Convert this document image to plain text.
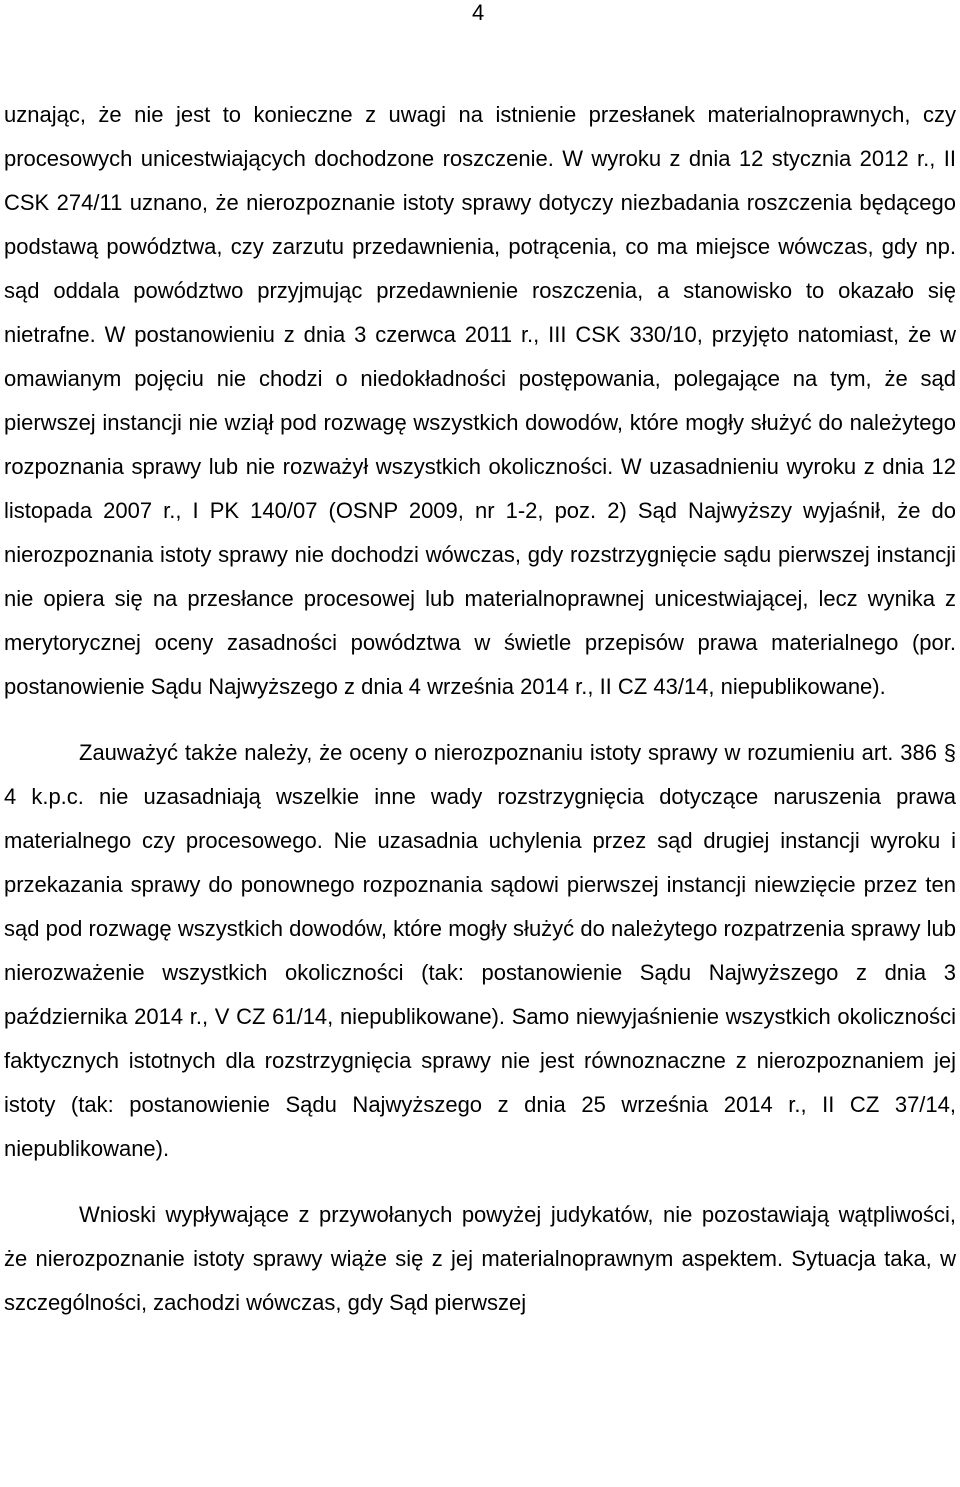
4

uznając, że nie jest to konieczne z uwagi na istnienie przesłanek materialnoprawnych, czy procesowych unicestwiających dochodzone roszczenie. W wyroku z dnia 12 stycznia 2012 r., II CSK 274/11 uznano, że nierozpoznanie istoty sprawy dotyczy niezbadania roszczenia będącego podstawą powództwa, czy zarzutu przedawnienia, potrącenia, co ma miejsce wówczas, gdy np. sąd oddala powództwo przyjmując przedawnienie roszczenia, a stanowisko to okazało się nietrafne. W postanowieniu z dnia 3 czerwca 2011 r., III CSK 330/10, przyjęto natomiast, że w omawianym pojęciu nie chodzi o niedokładności postępowania, polegające na tym, że sąd pierwszej instancji nie wziął pod rozwagę wszystkich dowodów, które mogły służyć do należytego rozpoznania sprawy lub nie rozważył wszystkich okoliczności. W uzasadnieniu wyroku z dnia 12 listopada 2007 r., I PK 140/07 (OSNP 2009, nr 1-2, poz. 2) Sąd Najwyższy wyjaśnił, że do nierozpoznania istoty sprawy nie dochodzi wówczas, gdy rozstrzygnięcie sądu pierwszej instancji nie opiera się na przesłance procesowej lub materialnoprawnej unicestwiającej, lecz wynika z merytorycznej oceny zasadności powództwa w świetle przepisów prawa materialnego (por. postanowienie Sądu Najwyższego z dnia 4 września 2014 r., II CZ 43/14, niepublikowane).

Zauważyć także należy, że oceny o nierozpoznaniu istoty sprawy w rozumieniu art. 386 § 4 k.p.c. nie uzasadniają wszelkie inne wady rozstrzygnięcia dotyczące naruszenia prawa materialnego czy procesowego. Nie uzasadnia uchylenia przez sąd drugiej instancji wyroku i przekazania sprawy do ponownego rozpoznania sądowi pierwszej instancji niewzięcie przez ten sąd pod rozwagę wszystkich dowodów, które mogły służyć do należytego rozpatrzenia sprawy lub nierozważenie wszystkich okoliczności (tak: postanowienie Sądu Najwyższego z dnia 3 października 2014 r., V CZ 61/14, niepublikowane). Samo niewyjaśnienie wszystkich okoliczności faktycznych istotnych dla rozstrzygnięcia sprawy nie jest równoznaczne z nierozpoznaniem jej istoty (tak: postanowienie Sądu Najwyższego z dnia 25 września 2014 r., II CZ 37/14, niepublikowane).

Wnioski wypływające z przywołanych powyżej judykatów, nie pozostawiają wątpliwości, że nierozpoznanie istoty sprawy wiąże się z jej materialnoprawnym aspektem. Sytuacja taka, w szczególności, zachodzi wówczas, gdy Sąd pierwszej
